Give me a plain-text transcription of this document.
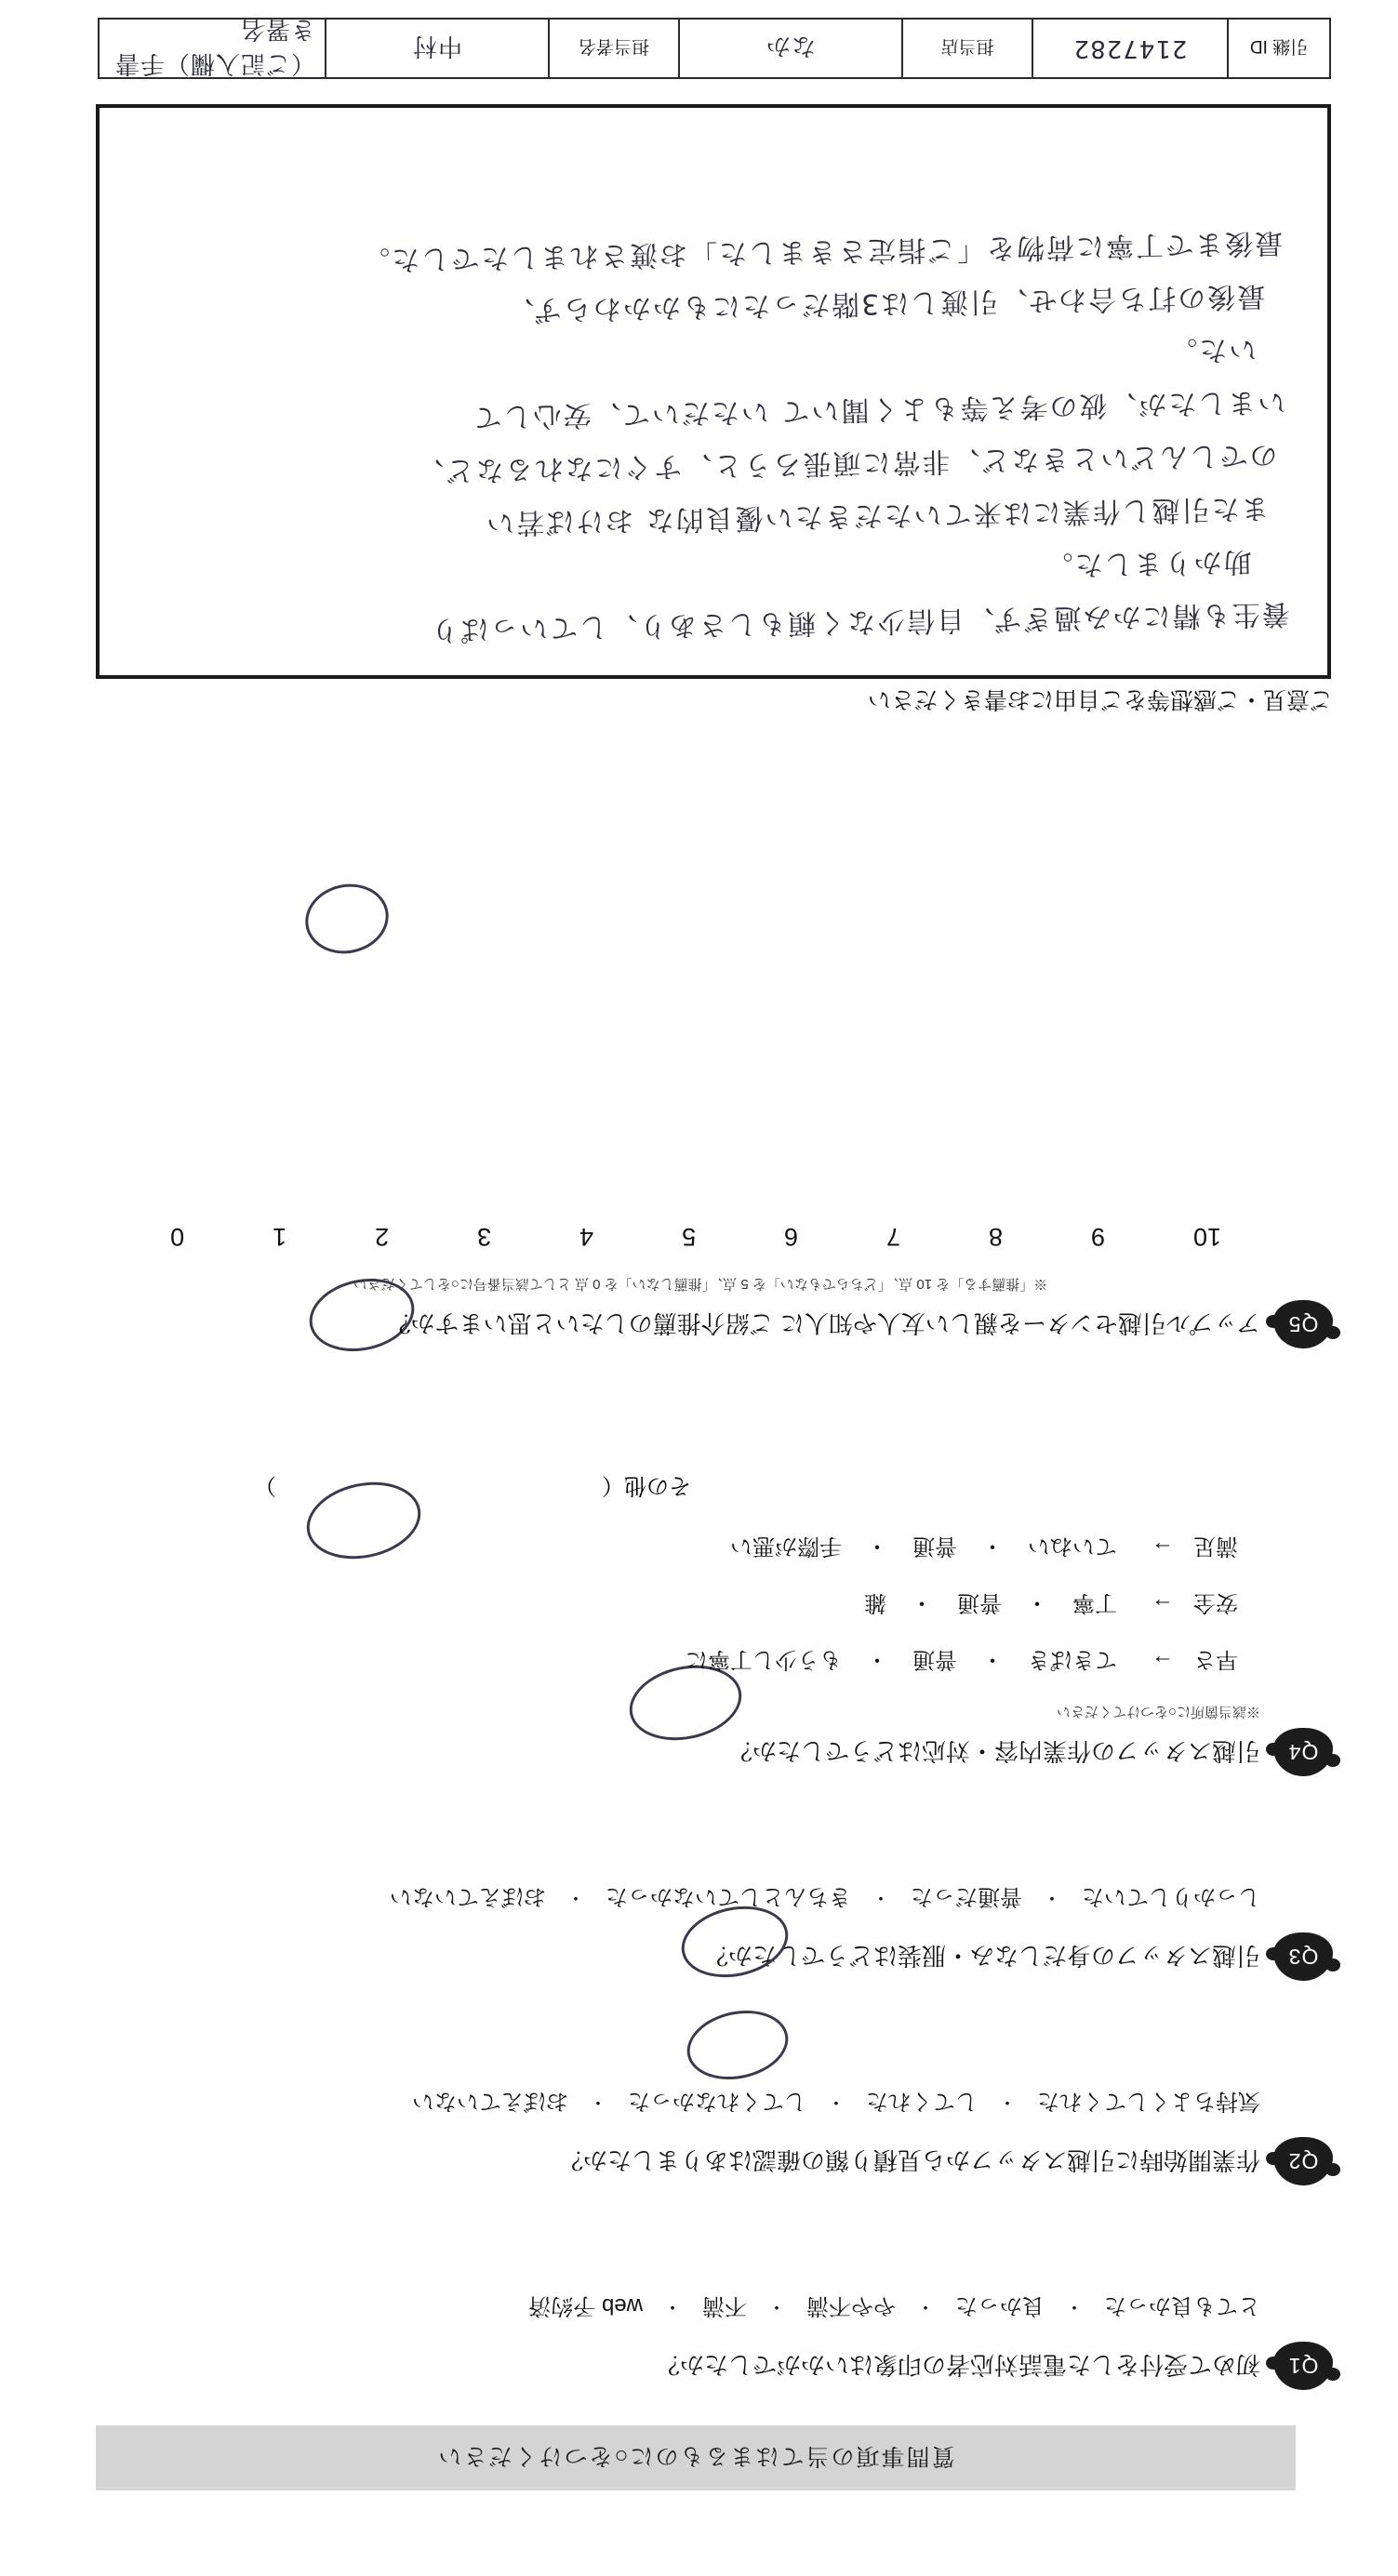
質問事項の当てはまるものに○をつけください
Q1
初めて受付をした電話対応者の印象はいかがでしたか？
とても良かった
・
良かった
・
やや不満
・
不満
・
web 予約済
Q2
作業開始時に引越スタッフから見積り額の確認はありましたか？
気持ちよくしてくれた
・
してくれた
・
してくれなかった
・
おぼえていない
Q3
引越スタッフの身だしなみ・服装はどうでしたか？
しっかりしていた
・
普通だった
・
きちんとしていなかった
・
おぼえていない
Q4
引越スタッフの作業内容・対応はどうでしたか？
※該当箇所に○をつけてください
早さ
→
てきぱき
・
普通
・
もう少し丁寧に
安全
→
丁寧
・
普通
・
雑
満足
→
ていねい
・
普通
・
手際が悪い
その他（
）
Q5
アップル引越センターを親しい友人や知人に ご紹介推薦のしたいと思いますか？
※「推薦する」を 10 点、「どちらでもない」を 5 点、「推薦しない」を 0 点 として該当番号に○をしてください
10
9
8
7
6
5
4
3
2
1
0
ご意見・ご感想等をご自由にお書きください
養生も精にかみ過ぎず、自信少なく頼もしさあり、していっぱり
助かりました。
また引越し作業には来ていただきたい優良的な おけば若い
のでしんどいときなど、非常に頑張ろうと、すぐになれるなど、
いましたが、彼の考え等もよく聞いて いただいて、安心して
いた。
最後の打ち合わせ、引渡しは3階だったにもかかわらず、
最後まで丁寧に荷物を「ご指定さきました」お渡されましたでした。
引継 ID
2147282
担当店
なか
担当者名
中村
（ご記入欄）手書き署名
